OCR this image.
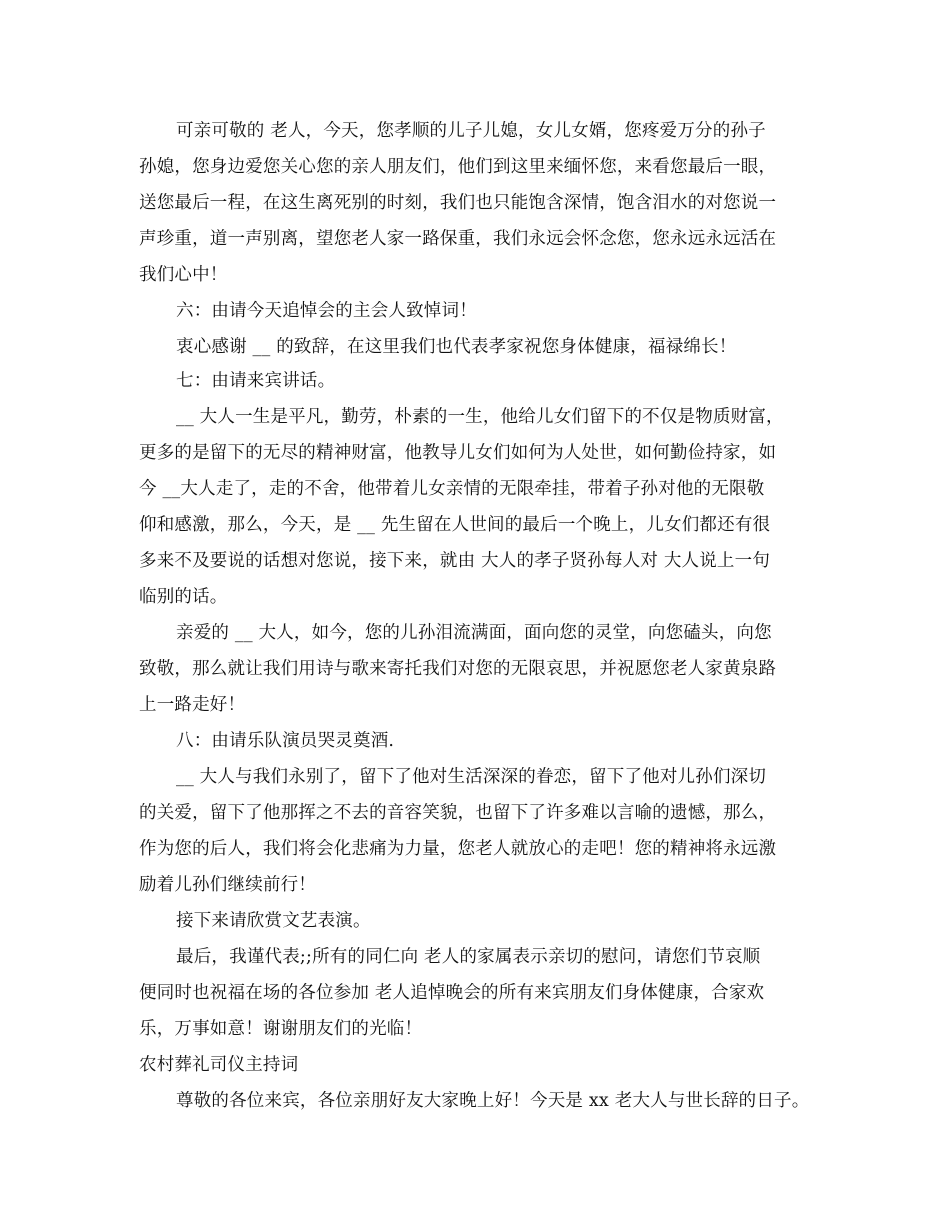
可亲可敬的 老人，今天，您孝顺的儿子儿媳，女儿女婿，您疼爱万分的孙子
孙媳，您身边爱您关心您的亲人朋友们，他们到这里来缅怀您，来看您最后一眼，
送您最后一程，在这生离死别的时刻，我们也只能饱含深情，饱含泪水的对您说一
声珍重，道一声别离，望您老人家一路保重，我们永远会怀念您，您永远永远活在
我们心中！
六：由请今天追悼会的主会人致悼词！
衷心感谢 __ 的致辞，在这里我们也代表孝家祝您身体健康，福禄绵长！
七：由请来宾讲话。
__ 大人一生是平凡，勤劳，朴素的一生，他给儿女们留下的不仅是物质财富，
更多的是留下的无尽的精神财富，他教导儿女们如何为人处世，如何勤俭持家，如
今 __大人走了，走的不舍，他带着儿女亲情的无限牵挂，带着子孙对他的无限敬
仰和感激，那么，今天，是 __ 先生留在人世间的最后一个晚上，儿女们都还有很
多来不及要说的话想对您说，接下来，就由 大人的孝子贤孙每人对 大人说上一句
临别的话。
亲爱的 __ 大人，如今，您的儿孙泪流满面，面向您的灵堂，向您磕头，向您
致敬，那么就让我们用诗与歌来寄托我们对您的无限哀思，并祝愿您老人家黄泉路
上一路走好！
八：由请乐队演员哭灵奠酒.
__ 大人与我们永别了，留下了他对生活深深的眷恋，留下了他对儿孙们深切
的关爱，留下了他那挥之不去的音容笑貌，也留下了许多难以言喻的遗憾，那么，
作为您的后人，我们将会化悲痛为力量，您老人就放心的走吧！您的精神将永远激
励着儿孙们继续前行！
接下来请欣赏文艺表演。
最后，我谨代表;;所有的同仁向 老人的家属表示亲切的慰问，请您们节哀顺
便同时也祝福在场的各位参加 老人追悼晚会的所有来宾朋友们身体健康，合家欢
乐，万事如意！谢谢朋友们的光临！
农村葬礼司仪主持词
尊敬的各位来宾，各位亲朋好友大家晚上好！今天是 xx 老大人与世长辞的日子。
